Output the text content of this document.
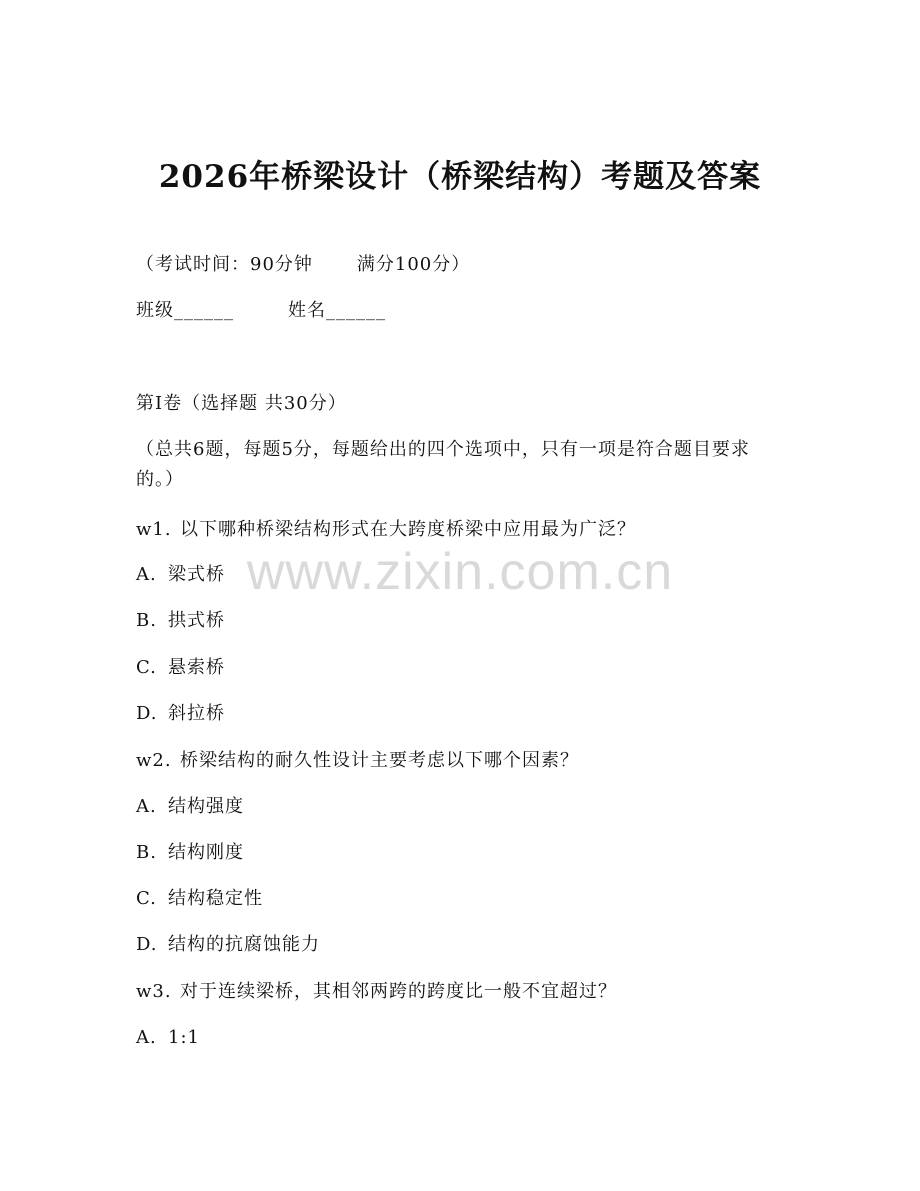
2026年桥梁设计（桥梁结构）考题及答案
（考试时间：90分钟 满分100分）
班级______	姓名______
第I卷（选择题 共30分）
（总共6题，每题5分，每题给出的四个选项中，只有一项是符合题目要求的。）
w1. 以下哪种桥梁结构形式在大跨度桥梁中应用最为广泛？
A. 梁式桥
B. 拱式桥
C. 悬索桥
D. 斜拉桥
w2. 桥梁结构的耐久性设计主要考虑以下哪个因素？
A. 结构强度
B. 结构刚度
C. 结构稳定性
D. 结构的抗腐蚀能力
w3. 对于连续梁桥，其相邻两跨的跨度比一般不宜超过？
A. 1:1
www.zixin.com.cn
